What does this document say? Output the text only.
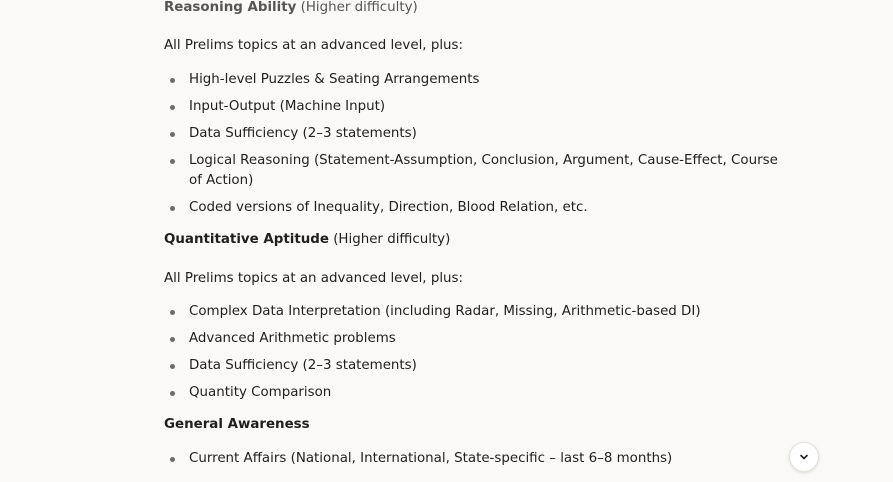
Reasoning Ability (Higher difficulty)

All Prelims topics at an advanced level, plus:

High-level Puzzles & Seating Arrangements
Input-Output (Machine Input)
Data Sufficiency (2–3 statements)
Logical Reasoning (Statement-Assumption, Conclusion, Argument, Cause-Effect, Course of Action)
Coded versions of Inequality, Direction, Blood Relation, etc.

Quantitative Aptitude (Higher difficulty)

All Prelims topics at an advanced level, plus:

Complex Data Interpretation (including Radar, Missing, Arithmetic-based DI)
Advanced Arithmetic problems
Data Sufficiency (2–3 statements)
Quantity Comparison

General Awareness

Current Affairs (National, International, State-specific – last 6–8 months)
